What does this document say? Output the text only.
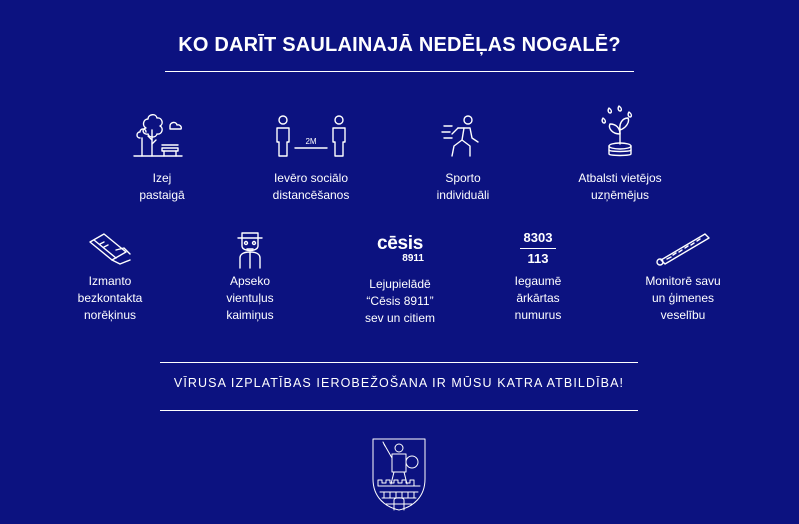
KO DARĪT SAULAINAJĀ NEDĒĻAS NOGALĒ?
Izej
pastaigā
2M
Ievēro sociālo
distancēšanos
Sporto
individuāli
Atbalsti vietējos
uzņēmējus
Izmanto
bezkontakta
norēķinus
Apseko
vientuļus
kaimiņus
cēsis
8911
Lejupielādē
“Cēsis 8911”
sev un citiem
8303
113
Iegaumē
ārkārtas
numurus
Monitorē savu
un ģimenes
veselību
VĪRUSA IZPLATĪBAS IEROBEŽOŠANA IR MŪSU KATRA ATBILDĪBA!
